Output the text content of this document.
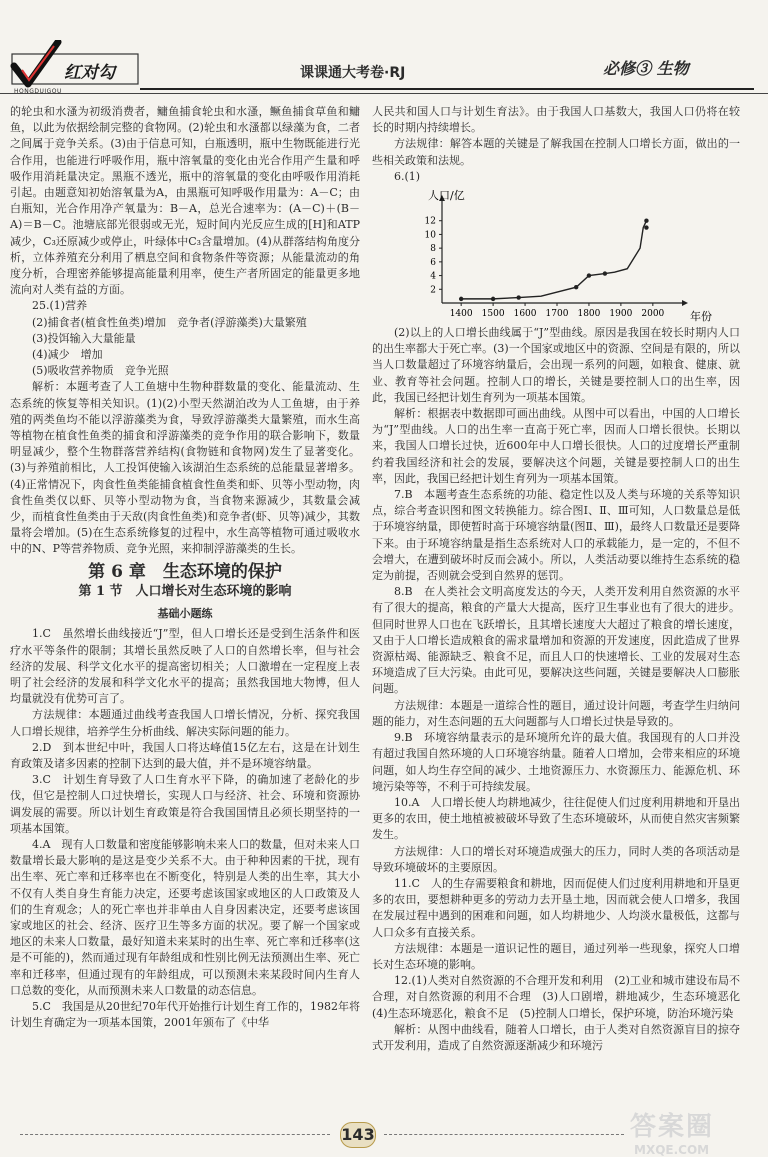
红对勾
HONGDUIGOU
课课通大考卷·RJ	必修③ 生物

的轮虫和水溞为初级消费者，鳙鱼捕食轮虫和水溞，鳜鱼捕食草鱼和鳙鱼，以此为依据绘制完整的食物网。(2)轮虫和水溞都以绿藻为食，二者之间属于竞争关系。(3)由于信息可知，白瓶透明，瓶中生物既能进行光合作用，也能进行呼吸作用，瓶中溶氧量的变化由光合作用产生量和呼吸作用消耗量决定。黑瓶不透光，瓶中的溶氧量的变化由呼吸作用消耗引起。由题意知初始溶氧量为A，由黑瓶可知呼吸作用量为：A－C；由白瓶知，光合作用净产氧量为：B－A，总光合速率为：(A－C)＋(B－A)＝B－C。池塘底部光很弱或无光，短时间内光反应生成的[H]和ATP减少，C₃还原减少或停止，叶绿体中C₃含量增加。(4)从群落结构角度分析，立体养殖充分利用了栖息空间和食物条件等资源；从能量流动的角度分析，合理密养能够提高能量利用率，使生产者所固定的能量更多地流向对人类有益的方面。

25.(1)营养

(2)捕食者(植食性鱼类)增加　竞争者(浮游藻类)大量繁殖

(3)投饵输入大量能量

(4)减少　增加

(5)吸收营养物质　竞争光照

解析：本题考查了人工鱼塘中生物种群数量的变化、能量流动、生态系统的恢复等相关知识。(1)(2)小型天然湖泊改为人工鱼塘，由于养殖的两类鱼均不能以浮游藻类为食，导致浮游藻类大量繁殖，而水生高等植物在植食性鱼类的捕食和浮游藻类的竞争作用的联合影响下，数量明显减少，整个生物群落营养结构(食物链和食物网)发生了显著变化。(3)与养殖前相比，人工投饵使输入该湖泊生态系统的总能量显著增多。(4)正常情况下，肉食性鱼类能捕食植食性鱼类和虾、贝等小型动物，肉食性鱼类仅以虾、贝等小型动物为食，当食物来源减少，其数量会减少，而植食性鱼类由于天敌(肉食性鱼类)和竞争者(虾、贝等)减少，其数量将会增加。(5)在生态系统修复的过程中，水生高等植物可通过吸收水中的N、P等营养物质、竞争光照，来抑制浮游藻类的生长。

第 6 章　生态环境的保护

第 1 节　人口增长对生态环境的影响

基础小题练

1.C　虽然增长曲线接近“J”型，但人口增长还是受到生活条件和医疗水平等条件的限制；其增长虽然反映了人口的自然增长率，但与社会经济的发展、科学文化水平的提高密切相关；人口激增在一定程度上表明了社会经济的发展和科学文化水平的提高；虽然我国地大物博，但人均量就没有优势可言了。

方法规律：本题通过曲线考查我国人口增长情况，分析、探究我国人口增长规律，培养学生分析曲线、解决实际问题的能力。

2.D　到本世纪中叶，我国人口将达峰值15亿左右，这是在计划生育政策及诸多因素的控制下达到的最大值，并不是环境容纳量。

3.C　计划生育导致了人口生育水平下降，的确加速了老龄化的步伐，但它是控制人口过快增长，实现人口与经济、社会、环境和资源协调发展的需要。所以计划生育政策是符合我国国情且必须长期坚持的一项基本国策。

4.A　现有人口数量和密度能够影响未来人口的数量，但对未来人口数量增长最大影响的是这是变少关系不大。由于种种因素的干扰，现有出生率、死亡率和迁移率也在不断变化，特别是人类的出生率，其大小不仅有人类自身生育能力决定，还要考虑该国家或地区的人口政策及人们的生育观念；人的死亡率也并非单由人自身因素决定，还要考虑该国家或地区的社会、经济、医疗卫生等多方面的状况。要了解一个国家或地区的未来人口数量，最好知道未来某时的出生率、死亡率和迁移率(这是不可能的)，然而通过现有年龄组成和性别比例无法预测出生率、死亡率和迁移率，但通过现有的年龄组成，可以预测未来某段时间内生育人口总数的变化，从而预测未来人口数量的动态信息。

5.C　我国是从20世纪70年代开始推行计划生育工作的，1982年将计划生育确定为一项基本国策，2001年颁布了《中华

人民共和国人口与计划生育法》。由于我国人口基数大，我国人口仍将在较长的时期内持续增长。

方法规律：解答本题的关键是了解我国在控制人口增长方面，做出的一些相关政策和法规。

6.(1)

1400 1500 1600 1700 1800 1900 2000
2
4
6
8
10
12
人口/亿
年份

(2)以上的人口增长曲线属于“J”型曲线。原因是我国在较长时期内人口的出生率都大于死亡率。(3)一个国家或地区中的资源、空间是有限的，所以当人口数量超过了环境容纳量后，会出现一系列的问题，如粮食、健康、就业、教育等社会问题。控制人口的增长，关键是要控制人口的出生率，因此，我国已经把计划生育列为一项基本国策。

解析：根据表中数据即可画出曲线。从图中可以看出，中国的人口增长为“J”型曲线。人口的出生率一直高于死亡率，因而人口增长很快。长期以来，我国人口增长过快，近600年中人口增长很快。人口的过度增长严重制约着我国经济和社会的发展，要解决这个问题，关键是要控制人口的出生率，因此，我国已经把计划生育列为一项基本国策。

7.B　本题考查生态系统的功能、稳定性以及人类与环境的关系等知识点，综合考查识图和图文转换能力。综合图Ⅰ、Ⅱ、Ⅲ可知，人口数量总是低于环境容纳量，即使暂时高于环境容纳量(图Ⅱ、Ⅲ)，最终人口数量还是要降下来。由于环境容纳量是指生态系统对人口的承载能力，是一定的，不但不会增大，在遭到破坏时反而会减小。所以，人类活动要以维持生态系统的稳定为前提，否则就会受到自然界的惩罚。

8.B　在人类社会文明高度发达的今天，人类开发利用自然资源的水平有了很大的提高，粮食的产量大大提高，医疗卫生事业也有了很大的进步。但同时世界人口也在飞跃增长，且其增长速度大大超过了粮食的增长速度，又由于人口增长造成粮食的需求量增加和资源的开发速度，因此造成了世界资源枯竭、能源缺乏、粮食不足，而且人口的快速增长、工业的发展对生态环境造成了巨大污染。由此可见，要解决这些问题，关键是要解决人口膨胀问题。

方法规律：本题是一道综合性的题目，通过设计问题，考查学生归纳问题的能力，对生态问题的五大问题都与人口增长过快是导致的。

9.B　环境容纳量表示的是环境所允许的最大值。我国现有的人口并没有超过我国自然环境的人口环境容纳量。随着人口增加，会带来相应的环境问题，如人均生存空间的减少、土地资源压力、水资源压力、能源危机、环境污染等等，不利于可持续发展。

10.A　人口增长使人均耕地减少，往往促使人们过度利用耕地和开垦出更多的农田，使土地植被被破坏导致了生态环境破坏，从而使自然灾害频繁发生。

方法规律：人口的增长对环境造成强大的压力，同时人类的各项活动是导致环境破坏的主要原因。

11.C　人的生存需要粮食和耕地，因而促使人们过度利用耕地和开垦更多的农田，要想耕种更多的劳动力去开垦土地，因而就会使人口增多，我国在发展过程中遇到的困难和问题，如人均耕地少、人均淡水量极低，这都与人口众多有直接关系。

方法规律：本题是一道识记性的题目，通过列举一些现象，探究人口增长对生态环境的影响。

12.(1)人类对自然资源的不合理开发和利用　(2)工业和城市建设布局不合理，对自然资源的利用不合理　(3)人口剧增，耕地减少，生态环境恶化　(4)生态环境恶化，粮食不足　(5)控制人口增长，保护环境，防治环境污染

解析：从图中曲线看，随着人口增长，由于人类对自然资源盲目的掠夺式开发利用，造成了自然资源逐渐减少和环境污

143	答案圈
MXQE.COM
